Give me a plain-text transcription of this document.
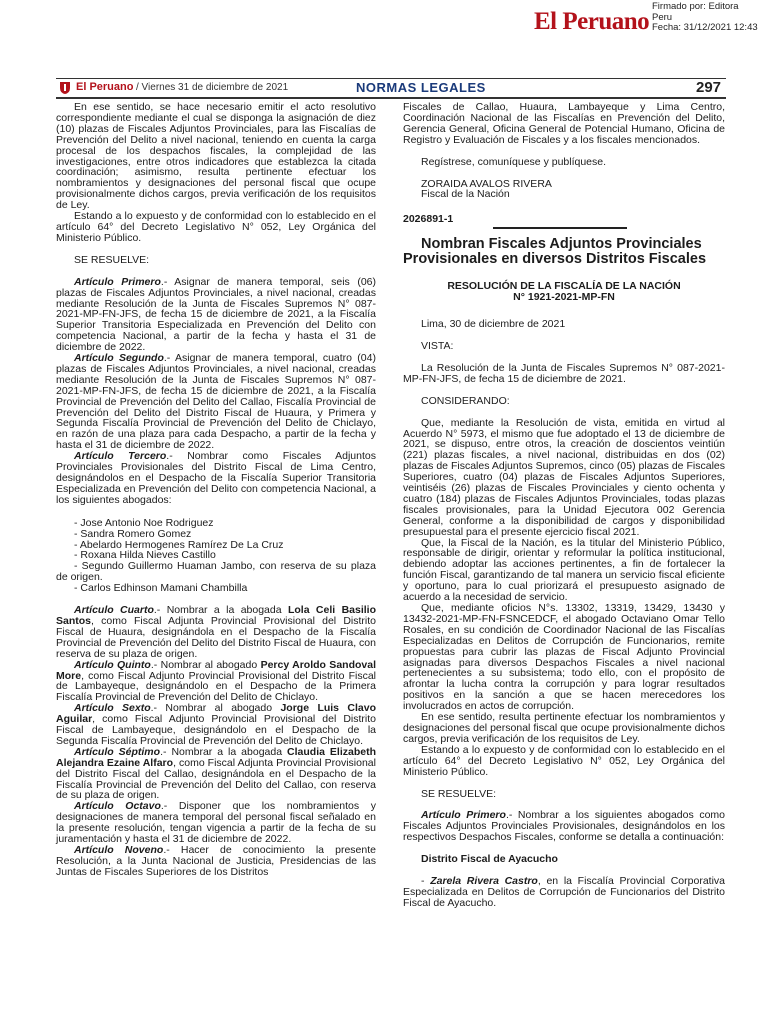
El Peruano
Firmado por: Editora
Peru
Fecha: 31/12/2021 12:43
El Peruano / Viernes 31 de diciembre de 2021	NORMAS LEGALES	297

En ese sentido, se hace necesario emitir el acto resolutivo correspondiente mediante el cual se disponga la asignación de diez (10) plazas de Fiscales Adjuntos Provinciales, para las Fiscalías de Prevención del Delito a nivel nacional, teniendo en cuenta la carga procesal de los despachos fiscales, la complejidad de las investigaciones, entre otros indicadores que establezca la citada coordinación; asimismo, resulta pertinente efectuar los nombramientos y designaciones del personal fiscal que ocupe provisionalmente dichos cargos, previa verificación de los requisitos de Ley.

Estando a lo expuesto y de conformidad con lo establecido en el artículo 64° del Decreto Legislativo N° 052, Ley Orgánica del Ministerio Público.

SE RESUELVE:

Artículo Primero.- Asignar de manera temporal, seis (06) plazas de Fiscales Adjuntos Provinciales, a nivel nacional, creadas mediante Resolución de la Junta de Fiscales Supremos N° 087-2021-MP-FN-JFS, de fecha 15 de diciembre de 2021, a la Fiscalía Superior Transitoria Especializada en Prevención del Delito con competencia Nacional, a partir de la fecha y hasta el 31 de diciembre de 2022.

Artículo Segundo.- Asignar de manera temporal, cuatro (04) plazas de Fiscales Adjuntos Provinciales, a nivel nacional, creadas mediante Resolución de la Junta de Fiscales Supremos N° 087-2021-MP-FN-JFS, de fecha 15 de diciembre de 2021, a la Fiscalía Provincial de Prevención del Delito del Callao, Fiscalía Provincial de Prevención del Delito del Distrito Fiscal de Huaura, y Primera y Segunda Fiscalía Provincial de Prevención del Delito de Chiclayo, en razón de una plaza para cada Despacho, a partir de la fecha y hasta el 31 de diciembre de 2022.

Artículo Tercero.- Nombrar como Fiscales Adjuntos Provinciales Provisionales del Distrito Fiscal de Lima Centro, designándolos en el Despacho de la Fiscalía Superior Transitoria Especializada en Prevención del Delito con competencia Nacional, a los siguientes abogados:

- Jose Antonio Noe Rodriguez

- Sandra Romero Gomez

- Abelardo Hermogenes Ramírez De La Cruz

- Roxana Hilda Nieves Castillo

- Segundo Guillermo Huaman Jambo, con reserva de su plaza de origen.

- Carlos Edhinson Mamani Chambilla

Artículo Cuarto.- Nombrar a la abogada Lola Celi Basilio Santos, como Fiscal Adjunta Provincial Provisional del Distrito Fiscal de Huaura, designándola en el Despacho de la Fiscalía Provincial de Prevención del Delito del Distrito Fiscal de Huaura, con reserva de su plaza de origen.

Artículo Quinto.- Nombrar al abogado Percy Aroldo Sandoval More, como Fiscal Adjunto Provincial Provisional del Distrito Fiscal de Lambayeque, designándolo en el Despacho de la Primera Fiscalía Provincial de Prevención del Delito de Chiclayo.

Artículo Sexto.- Nombrar al abogado Jorge Luis Clavo Aguilar, como Fiscal Adjunto Provincial Provisional del Distrito Fiscal de Lambayeque, designándolo en el Despacho de la Segunda Fiscalía Provincial de Prevención del Delito de Chiclayo.

Artículo Séptimo.- Nombrar a la abogada Claudia Elizabeth Alejandra Ezaine Alfaro, como Fiscal Adjunta Provincial Provisional del Distrito Fiscal del Callao, designándola en el Despacho de la Fiscalía Provincial de Prevención del Delito del Callao, con reserva de su plaza de origen.

Artículo Octavo.- Disponer que los nombramientos y designaciones de manera temporal del personal fiscal señalado en la presente resolución, tengan vigencia a partir de la fecha de su juramentación y hasta el 31 de diciembre de 2022.

Artículo Noveno.- Hacer de conocimiento la presente Resolución, a la Junta Nacional de Justicia, Presidencias de las Juntas de Fiscales Superiores de los Distritos

Fiscales de Callao, Huaura, Lambayeque y Lima Centro, Coordinación Nacional de las Fiscalías en Prevención del Delito, Gerencia General, Oficina General de Potencial Humano, Oficina de Registro y Evaluación de Fiscales y a los fiscales mencionados.

Regístrese, comuníquese y publíquese.

ZORAIDA AVALOS RIVERA

Fiscal de la Nación

2026891-1

Nombran Fiscales Adjuntos Provinciales Provisionales en diversos Distritos Fiscales

RESOLUCIÓN DE LA FISCALÍA DE LA NACIÓN

N° 1921-2021-MP-FN

Lima, 30 de diciembre de 2021

VISTA:

La Resolución de la Junta de Fiscales Supremos N° 087-2021-MP-FN-JFS, de fecha 15 de diciembre de 2021.

CONSIDERANDO:

Que, mediante la Resolución de vista, emitida en virtud al Acuerdo N° 5973, el mismo que fue adoptado el 13 de diciembre de 2021, se dispuso, entre otros, la creación de doscientos veintiún (221) plazas fiscales, a nivel nacional, distribuidas en dos (02) plazas de Fiscales Adjuntos Supremos, cinco (05) plazas de Fiscales Superiores, cuatro (04) plazas de Fiscales Adjuntos Superiores, veintiséis (26) plazas de Fiscales Provinciales y ciento ochenta y cuatro (184) plazas de Fiscales Adjuntos Provinciales, todas plazas fiscales provisionales, para la Unidad Ejecutora 002 Gerencia General, conforme a la disponibilidad de cargos y disponibilidad presupuestal para el presente ejercicio fiscal 2021.

Que, la Fiscal de la Nación, es la titular del Ministerio Público, responsable de dirigir, orientar y reformular la política institucional, debiendo adoptar las acciones pertinentes, a fin de fortalecer la función Fiscal, garantizando de tal manera un servicio fiscal eficiente y oportuno, para lo cual priorizará el presupuesto asignado de acuerdo a la necesidad de servicio.

Que, mediante oficios N°s. 13302, 13319, 13429, 13430 y 13432-2021-MP-FN-FSNCEDCF, el abogado Octaviano Omar Tello Rosales, en su condición de Coordinador Nacional de las Fiscalías Especializadas en Delitos de Corrupción de Funcionarios, remite propuestas para cubrir las plazas de Fiscal Adjunto Provincial asignadas para diversos Despachos Fiscales a nivel nacional pertenecientes a su subsistema; todo ello, con el propósito de afrontar la lucha contra la corrupción y para lograr resultados positivos en la sanción a que se hacen merecedores los involucrados en actos de corrupción.

En ese sentido, resulta pertinente efectuar los nombramientos y designaciones del personal fiscal que ocupe provisionalmente dichos cargos, previa verificación de los requisitos de Ley.

Estando a lo expuesto y de conformidad con lo establecido en el artículo 64° del Decreto Legislativo N° 052, Ley Orgánica del Ministerio Público.

SE RESUELVE:

Artículo Primero.- Nombrar a los siguientes abogados como Fiscales Adjuntos Provinciales Provisionales, designándolos en los respectivos Despachos Fiscales, conforme se detalla a continuación:

Distrito Fiscal de Ayacucho

- Zarela Rivera Castro, en la Fiscalía Provincial Corporativa Especializada en Delitos de Corrupción de Funcionarios del Distrito Fiscal de Ayacucho.
